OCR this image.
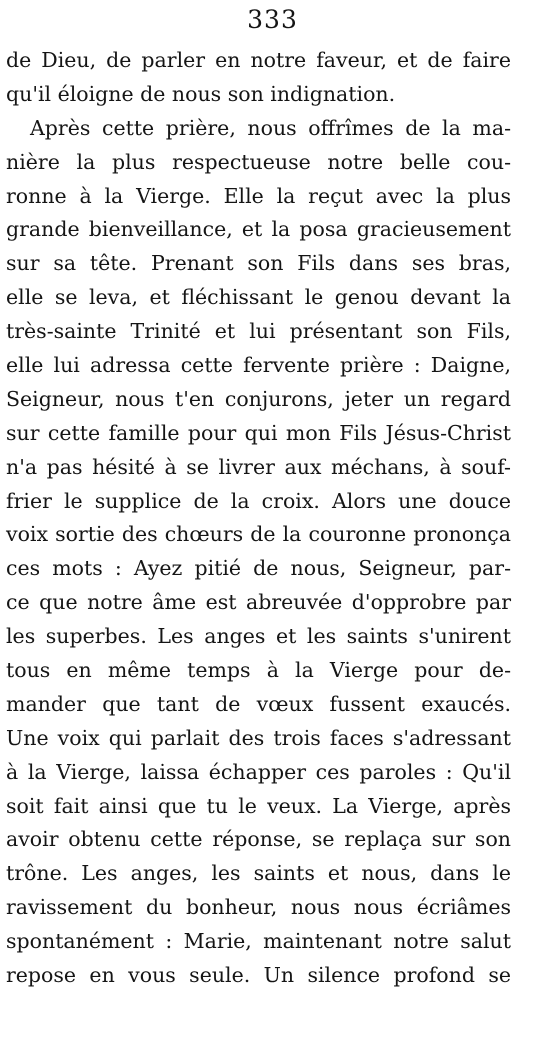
333
de Dieu, de parler en notre faveur, et de faire
qu'il éloigne de nous son indignation.
Après cette prière, nous offrîmes de la ma-
nière la plus respectueuse notre belle cou-
ronne à la Vierge. Elle la reçut avec la plus
grande bienveillance, et la posa gracieusement
sur sa tête. Prenant son Fils dans ses bras,
elle se leva, et fléchissant le genou devant la
très-sainte Trinité et lui présentant son Fils,
elle lui adressa cette fervente prière : Daigne,
Seigneur, nous t'en conjurons, jeter un regard
sur cette famille pour qui mon Fils Jésus-Christ
n'a pas hésité à se livrer aux méchans, à souf-
frier le supplice de la croix. Alors une douce
voix sortie des chœurs de la couronne prononça
ces mots : Ayez pitié de nous, Seigneur, par-
ce que notre âme est abreuvée d'opprobre par
les superbes. Les anges et les saints s'unirent
tous en même temps à la Vierge pour de-
mander que tant de vœux fussent exaucés.
Une voix qui parlait des trois faces s'adressant
à la Vierge, laissa échapper ces paroles : Qu'il
soit fait ainsi que tu le veux. La Vierge, après
avoir obtenu cette réponse, se replaça sur son
trône. Les anges, les saints et nous, dans le
ravissement du bonheur, nous nous écriâmes
spontanément : Marie, maintenant notre salut
repose en vous seule. Un silence profond se
